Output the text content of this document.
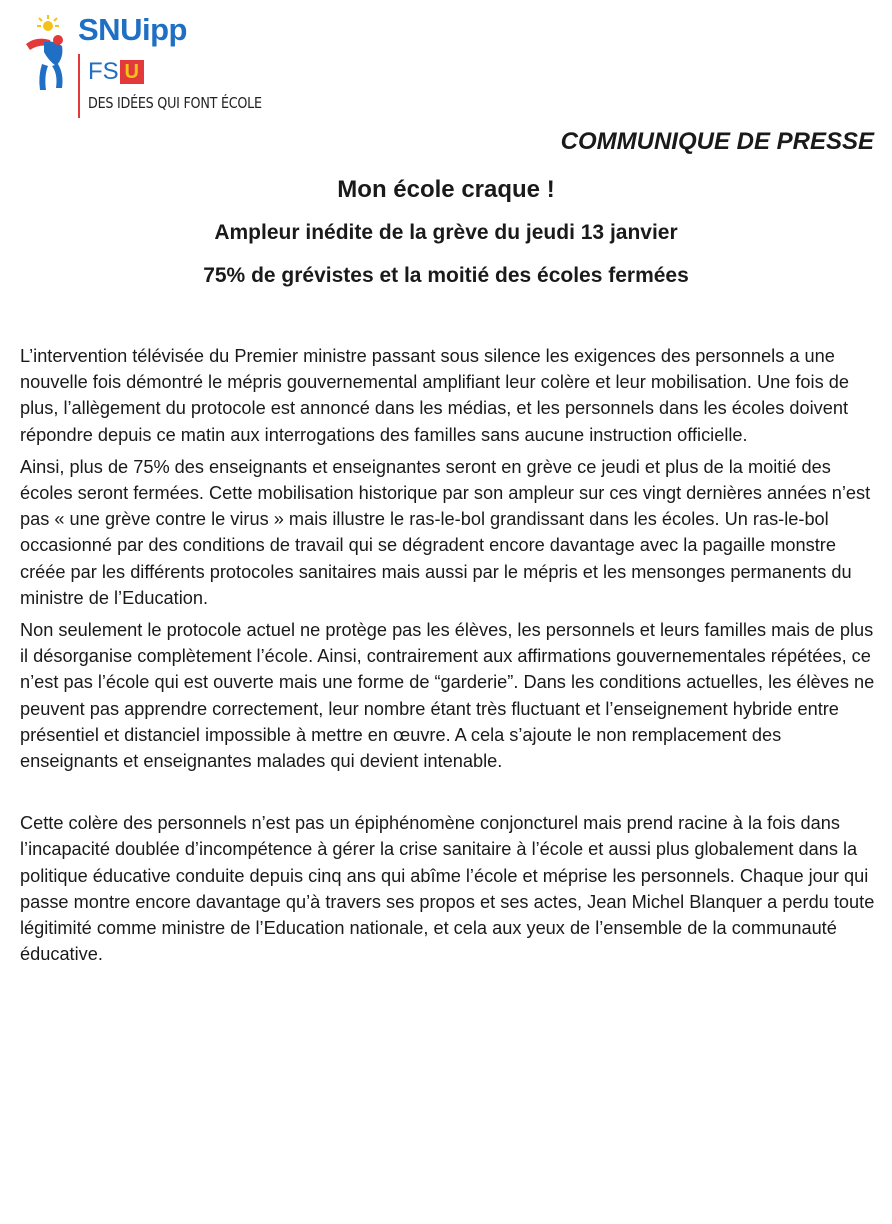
SNUipp
FS U
DES IDÉES QUI FONT ÉCOLE
COMMUNIQUE DE PRESSE
Mon école craque !
Ampleur inédite de la grève du jeudi 13 janvier
75% de grévistes et la moitié des écoles fermées

L’intervention télévisée du Premier ministre passant sous silence les exigences des personnels a une nouvelle fois démontré le mépris gouvernemental amplifiant leur colère et leur mobilisation. Une fois de plus, l’allègement du protocole est annoncé dans les médias, et les personnels dans les écoles doivent répondre depuis ce matin aux interrogations des familles sans aucune instruction officielle.

Ainsi, plus de 75% des enseignants et enseignantes seront en grève ce jeudi et plus de la moitié des écoles seront fermées. Cette mobilisation historique par son ampleur sur ces vingt dernières années n’est pas « une grève contre le virus » mais illustre le ras-le-bol grandissant dans les écoles. Un ras-le-bol occasionné par des conditions de travail qui se dégradent encore davantage avec la pagaille monstre créée par les différents protocoles sanitaires mais aussi par le mépris et les mensonges permanents du ministre de l’Education.

Non seulement le protocole actuel ne protège pas les élèves, les personnels et leurs familles mais de plus il désorganise complètement l’école. Ainsi, contrairement aux affirmations gouvernementales répétées, ce n’est pas l’école qui est ouverte mais une forme de “garderie”. Dans les conditions actuelles, les élèves ne peuvent pas apprendre correctement, leur nombre étant très fluctuant et l’enseignement hybride entre présentiel et distanciel impossible à mettre en œuvre. A cela s’ajoute le non remplacement des enseignants et enseignantes malades qui devient intenable.

Cette colère des personnels n’est pas un épiphénomène conjoncturel mais prend racine à la fois dans l’incapacité doublée d’incompétence à gérer la crise sanitaire à l’école et aussi plus globalement dans la politique éducative conduite depuis cinq ans qui abîme l’école et méprise les personnels. Chaque jour qui passe montre encore davantage qu’à travers ses propos et ses actes, Jean Michel Blanquer a perdu toute légitimité comme ministre de l’Education nationale, et cela aux yeux de l’ensemble de la communauté éducative.
